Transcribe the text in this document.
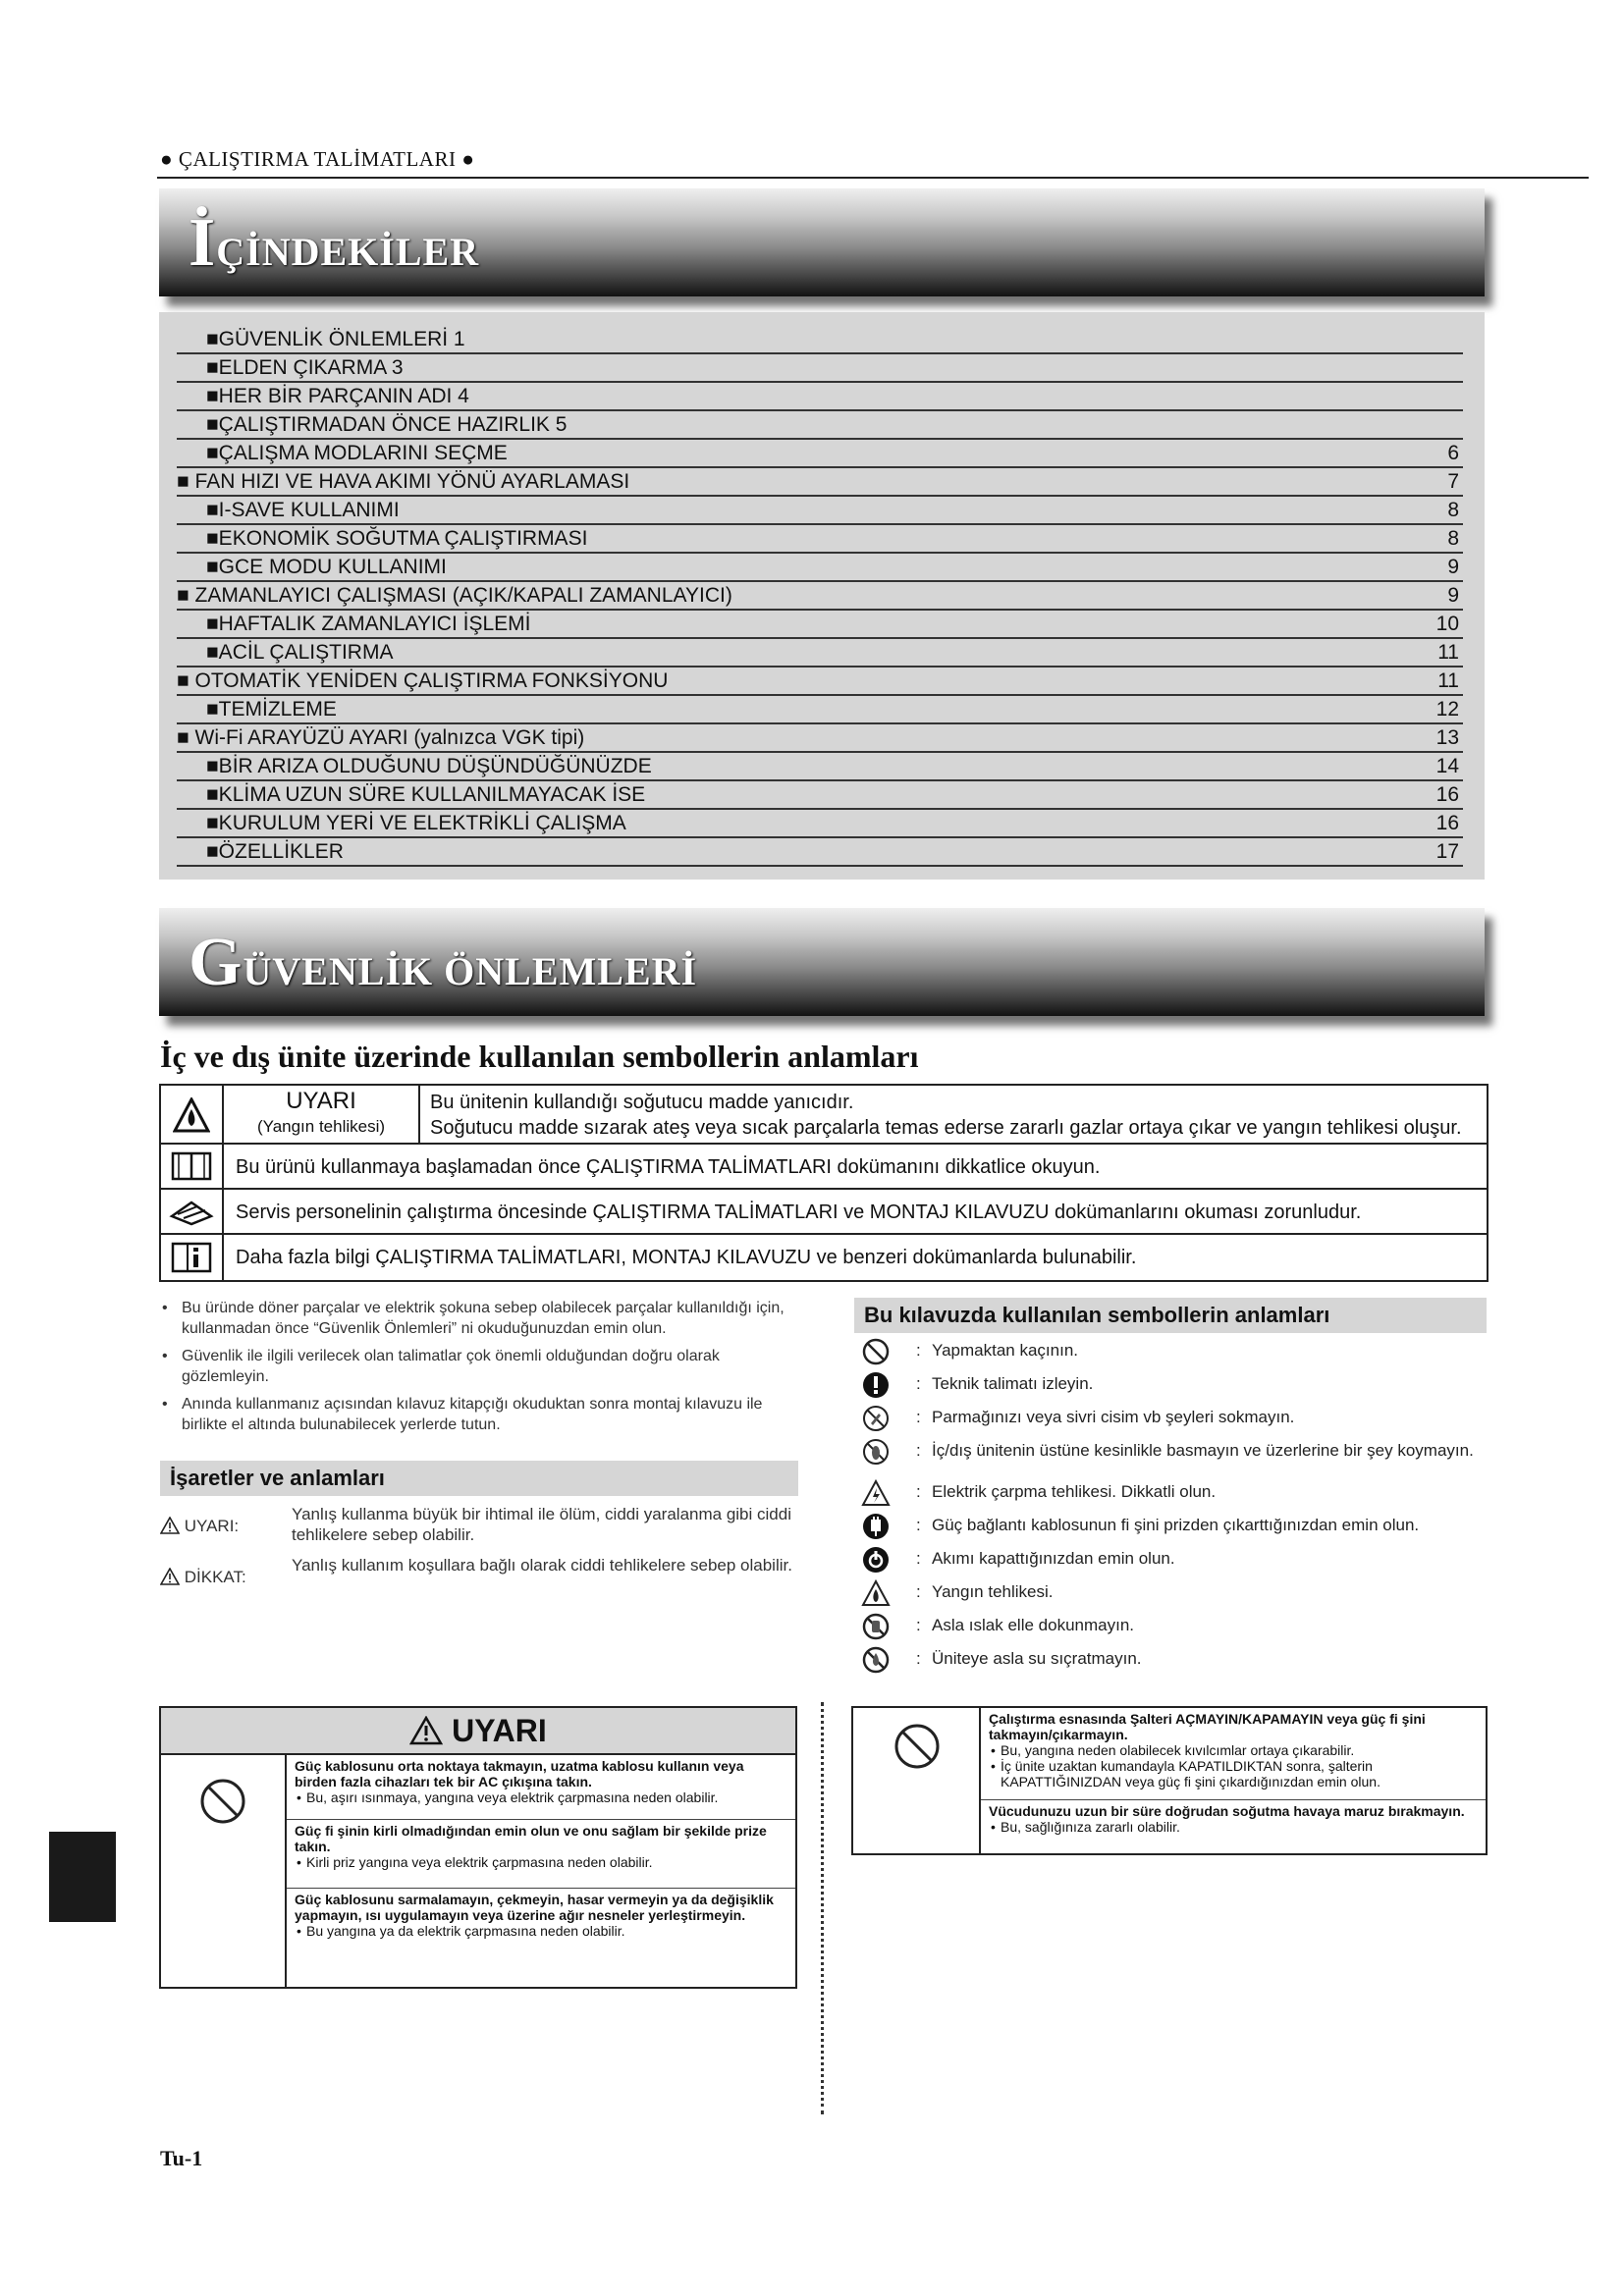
● ÇALIŞTIRMA TALİMATLARI ●
İÇİNDEKİLER
■GÜVENLİK ÖNLEMLERİ 1
■ELDEN ÇIKARMA 3
■HER BİR PARÇANIN ADI 4
■ÇALIŞTIRMADAN ÖNCE HAZIRLIK 5
■ÇALIŞMA MODLARINI SEÇME	6
■ FAN HIZI VE HAVA AKIMI YÖNÜ AYARLAMASI	7
■I-SAVE KULLANIMI	8
■EKONOMİK SOĞUTMA ÇALIŞTIRMASI	8
■GCE MODU KULLANIMI	9
■ ZAMANLAYICI ÇALIŞMASI (AÇIK/KAPALI ZAMANLAYICI)	9
■HAFTALIK ZAMANLAYICI İŞLEMİ	10
■ACİL ÇALIŞTIRMA	11
■ OTOMATİK YENİDEN ÇALIŞTIRMA FONKSİYONU	11
■TEMİZLEME	12
■ Wi-Fi ARAYÜZÜ AYARI (yalnızca VGK tipi)	13
■BİR ARIZA OLDUĞUNU DÜŞÜNDÜĞÜNÜZDE	14
■KLİMA UZUN SÜRE KULLANILMAYACAK İSE	16
■KURULUM YERİ VE ELEKTRİKLİ ÇALIŞMA	16
■ÖZELLİKLER	17
GÜVENLİK ÖNLEMLERİ
İç ve dış ünite üzerinde kullanılan sembollerin anlamları
UYARI
(Yangın tehlikesi)
Bu ünitenin kullandığı soğutucu madde yanıcıdır.
Soğutucu madde sızarak ateş veya sıcak parçalarla temas ederse zararlı gazlar ortaya çıkar ve yangın tehlikesi oluşur.
Bu ürünü kullanmaya başlamadan önce ÇALIŞTIRMA TALİMATLARI dokümanını dikkatlice okuyun.
Servis personelinin çalıştırma öncesinde ÇALIŞTIRMA TALİMATLARI ve MONTAJ KILAVUZU dokümanlarını okuması zorunludur.
Daha fazla bilgi ÇALIŞTIRMA TALİMATLARI, MONTAJ KILAVUZU ve benzeri dokümanlarda bulunabilir.
• Bu üründe döner parçalar ve elektrik şokuna sebep olabilecek parçalar kullanıldığı için, kullanmadan önce “Güvenlik Önlemleri” ni okuduğunuzdan emin olun.
• Güvenlik ile ilgili verilecek olan talimatlar çok önemli olduğundan doğru olarak gözlemleyin.
• Anında kullanmanız açısından kılavuz kitapçığı okuduktan sonra montaj kılavuzu ile birlikte el altında bulunabilecek yerlerde tutun.
İşaretler ve anlamları
UYARI:
Yanlış kullanma büyük bir ihtimal ile ölüm, ciddi yaralanma gibi ciddi tehlikelere sebep olabilir.
DİKKAT:
Yanlış kullanım koşullara bağlı olarak ciddi tehlikelere sebep olabilir.
Bu kılavuzda kullanılan sembollerin anlamları
: Yapmaktan kaçının.
: Teknik talimatı izleyin.
: Parmağınızı veya sivri cisim vb şeyleri sokmayın.
: İç/dış ünitenin üstüne kesinlikle basmayın ve üzerlerine bir şey koymayın.
: Elektrik çarpma tehlikesi. Dikkatli olun.
: Güç bağlantı kablosunun fi şini prizden çıkarttığınızdan emin olun.
: Akımı kapattığınızdan emin olun.
: Yangın tehlikesi.
: Asla ıslak elle dokunmayın.
: Üniteye asla su sıçratmayın.
UYARI
Güç kablosunu orta noktaya takmayın, uzatma kablosu kullanın veya birden fazla cihazları tek bir AC çıkışına takın.
• Bu, aşırı ısınmaya, yangına veya elektrik çarpmasına neden olabilir.
Güç fi şinin kirli olmadığından emin olun ve onu sağlam bir şekilde prize takın.
• Kirli priz yangına veya elektrik çarpmasına neden olabilir.
Güç kablosunu sarmalamayın, çekmeyin, hasar vermeyin ya da değişiklik yapmayın, ısı uygulamayın veya üzerine ağır nesneler yerleştirmeyin.
• Bu yangına ya da elektrik çarpmasına neden olabilir.
Çalıştırma esnasında Şalteri AÇMAYIN/KAPAMAYIN veya güç fi şini takmayın/çıkarmayın.
• Bu, yangına neden olabilecek kıvılcımlar ortaya çıkarabilir.
• İç ünite uzaktan kumandayla KAPATILDIKTAN sonra, şalterin KAPATTIĞINIZDAN veya güç fi şini çıkardığınızdan emin olun.
Vücudunuzu uzun bir süre doğrudan soğutma havaya maruz bırakmayın.
• Bu, sağlığınıza zararlı olabilir.
Tu-1
